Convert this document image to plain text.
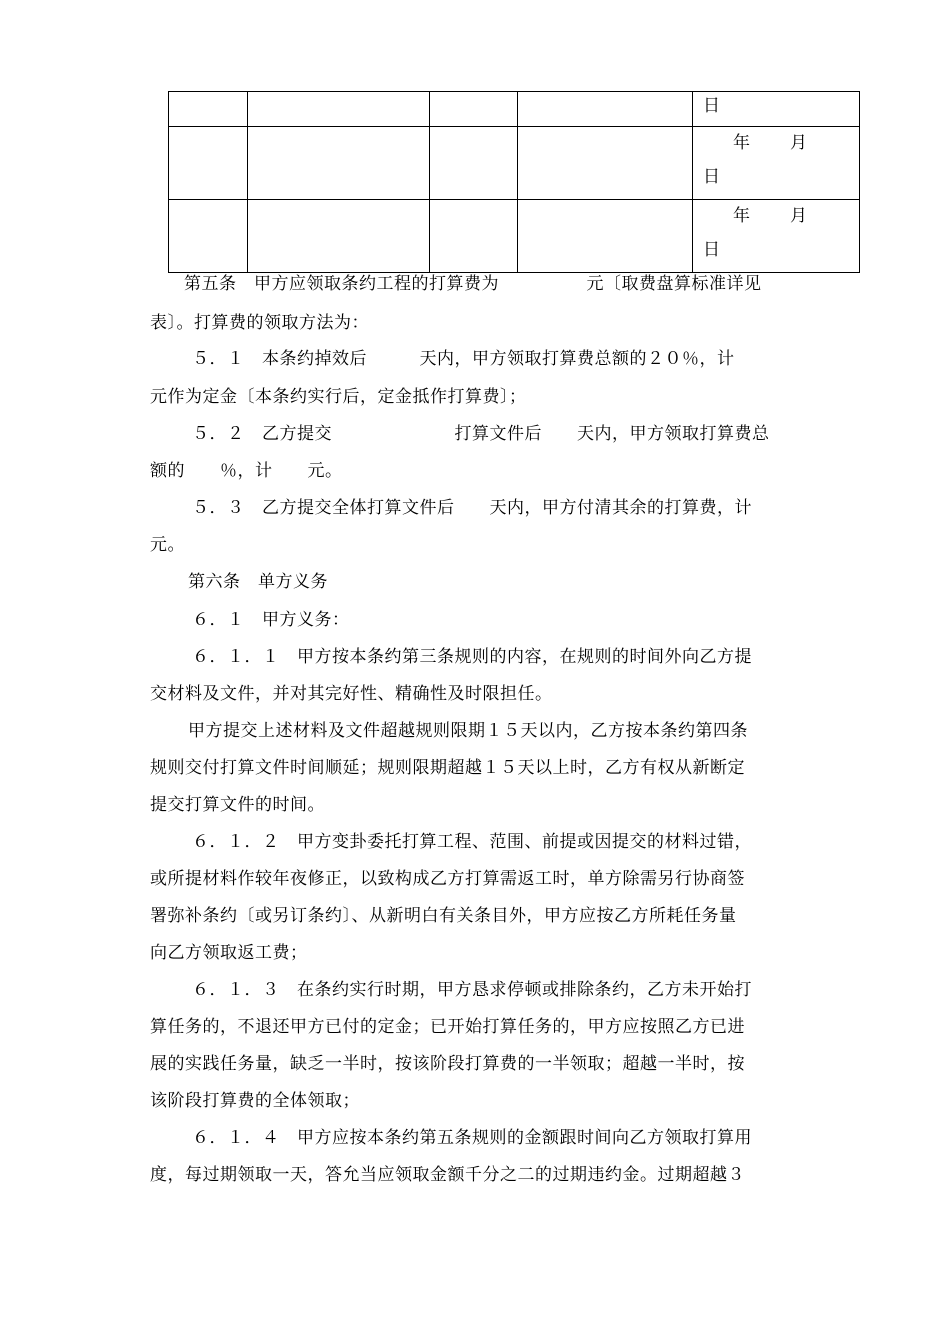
				日

				年 月
日

				年 月
日
第五条　甲方应领取条约工程的打算费为　　　　　元〔取费盘算标准详见
表〕。打算费的领取方法为：
５．１　本条约掉效后　　　天内，甲方领取打算费总额的２０％，计
元作为定金〔本条约实行后，定金抵作打算费〕；
５．２　乙方提交　　　　　　　打算文件后　　天内，甲方领取打算费总
额的　　％，计　　元。
５．３　乙方提交全体打算文件后　　天内，甲方付清其余的打算费，计
元。
第六条　单方义务
６．１　甲方义务：
６．１．１　甲方按本条约第三条规则的内容，在规则的时间外向乙方提
交材料及文件，并对其完好性、精确性及时限担任。
甲方提交上述材料及文件超越规则限期１５天以内，乙方按本条约第四条
规则交付打算文件时间顺延；规则限期超越１５天以上时，乙方有权从新断定
提交打算文件的时间。
６．１．２　甲方变卦委托打算工程、范围、前提或因提交的材料过错，
或所提材料作较年夜修正，以致构成乙方打算需返工时，单方除需另行协商签
署弥补条约〔或另订条约〕、从新明白有关条目外，甲方应按乙方所耗任务量
向乙方领取返工费；
６．１．３　在条约实行时期，甲方恳求停顿或排除条约，乙方未开始打
算任务的，不退还甲方已付的定金；已开始打算任务的，甲方应按照乙方已进
展的实践任务量，缺乏一半时，按该阶段打算费的一半领取；超越一半时，按
该阶段打算费的全体领取；
６．１．４　甲方应按本条约第五条规则的金额跟时间向乙方领取打算用
度，每过期领取一天，答允当应领取金额千分之二的过期违约金。过期超越３
